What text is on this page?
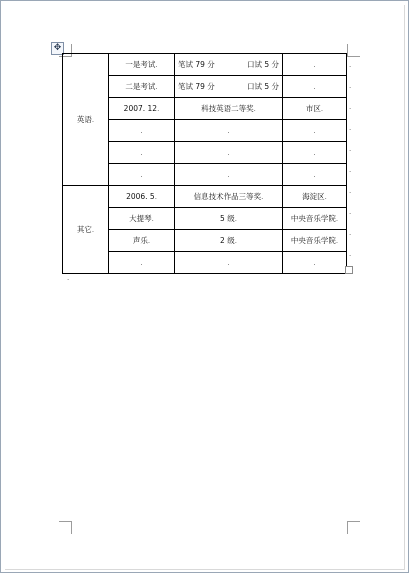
✥
英语.	一是考试.	笔试 79 分 口试 5 分	.
	二是考试.	笔试 79 分 口试 5 分	.
	2007. 12.	科技英语二等奖.	市区.
	.	.	.
	.	.	.
	.	.	.
其它.	2006. 5.	信息技术作品三等奖.	海淀区.
	大提琴.	5 级.	中央音乐学院.
	声乐.	2 级.	中央音乐学院.
	.	.	.
.
.
.
.
.
.
.
.
.
.
.
